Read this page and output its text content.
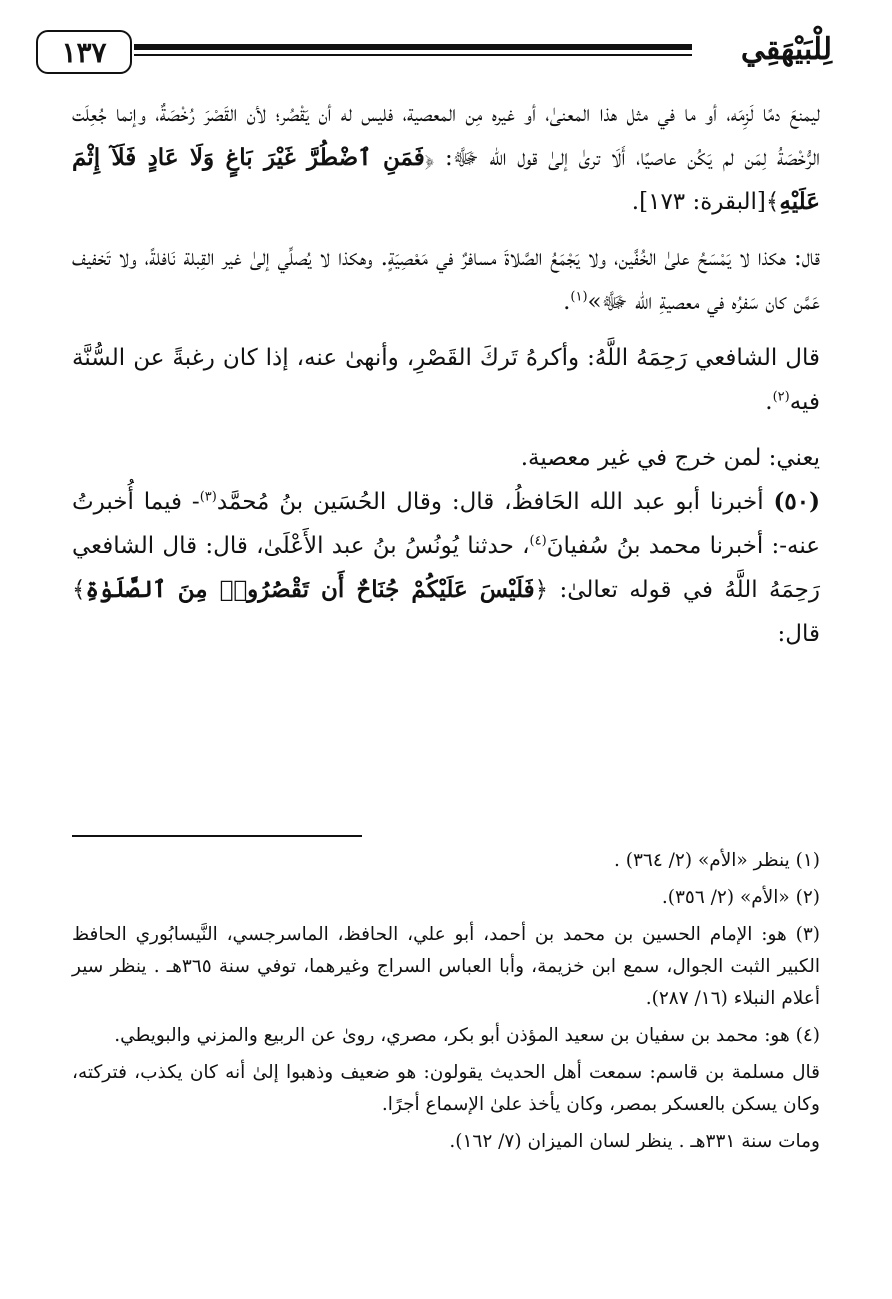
لِلْبَيْهَقِي
١٣٧

ليمنعَ دمًا لَزِمَه، أو ما في مثل هذا المعنىٰ، أو غيره مِن المعصية، فليس له أن يَقْصُر؛ لأن القَصْرَ رُخْصَةٌ، وإنما جُعِلَت الرُّخْصَةُ لِمَن لم يَكُن عاصيًا، أَلَا ترىٰ إلىٰ قول الله ﷻ: ﴿فَمَنِ ٱضْطُرَّ غَيْرَ بَاغٍ وَلَا عَادٍ فَلَآ إِثْمَ عَلَيْهِ﴾[البقرة: ١٧٣].

قال: هكذا لا يَمْسَحُ علىٰ الخُفَّين، ولا يَجْمَعُ الصَّلاةَ مسافرٌ في مَعْصِيَةٍ. وهكذا لا يُصلِّي إلىٰ غير القِبلة نَافلةً، ولا تَخفيف عَمَّن كان سَفرُه في معصيةِ الله ﷻ»$^{(١)}$.

قال الشافعي رَحِمَهُ اللَّهُ: وأكرهُ تَركَ القَصْرِ، وأنهىٰ عنه، إذا كان رغبةً عن السُّنَّة فيه$^{(٢)}$.

يعني: لمن خرج في غير معصية.

(٥٠) أخبرنا أبو عبد الله الحَافظُ، قال: وقال الحُسَين بنُ مُحمَّد$^{(٣)}$- فيما أُخبرتُ عنه-: أخبرنا محمد بنُ سُفيانَ$^{(٤)}$، حدثنا يُونُسُ بنُ عبد الأَعْلَىٰ، قال: قال الشافعي رَحِمَهُ اللَّهُ في قوله تعالىٰ: ﴿فَلَيْسَ عَلَيْكُمْ جُنَاحٌ أَن تَقْصُرُوا۟ مِنَ ٱلصَّلَوٰةِ﴾ قال:

(١) ينظر «الأم» (٢/ ٣٦٤) .

(٢) «الأم» (٢/ ٣٥٦).

(٣) هو: الإمام الحسين بن محمد بن أحمد، أبو علي، الحافظ، الماسرجسي، النَّيسابُوري الحافظ الكبير الثبت الجوال، سمع ابن خزيمة، وأبا العباس السراج وغيرهما، توفي سنة ٣٦٥هـ . ينظر سير أعلام النبلاء (١٦/ ٢٨٧).

(٤) هو: محمد بن سفيان بن سعيد المؤذن أبو بكر، مصري، روىٰ عن الربيع والمزني والبويطي.

قال مسلمة بن قاسم: سمعت أهل الحديث يقولون: هو ضعيف وذهبوا إلىٰ أنه كان يكذب، فتركته، وكان يسكن بالعسكر بمصر، وكان يأخذ علىٰ الإسماع أجرًا.

ومات سنة ٣٣١هـ . ينظر لسان الميزان (٧/ ١٦٢).
